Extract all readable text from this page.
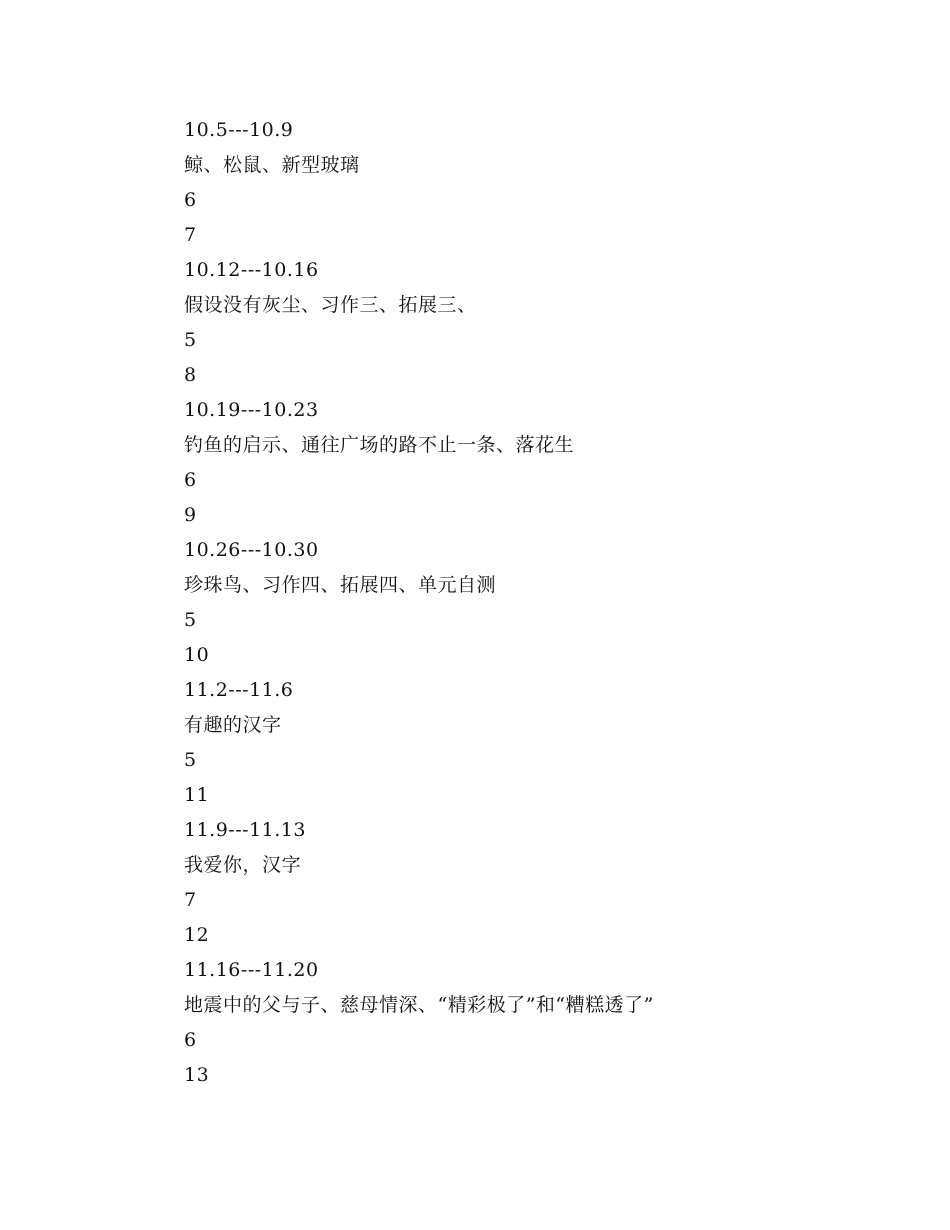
10.5---10.9
鲸、松鼠、新型玻璃
6
7
10.12---10.16
假设没有灰尘、习作三、拓展三、
5
8
10.19---10.23
钓鱼的启示、通往广场的路不止一条、落花生
6
9
10.26---10.30
珍珠鸟、习作四、拓展四、单元自测
5
10
11.2---11.6
有趣的汉字
5
11
11.9---11.13
我爱你，汉字
7
12
11.16---11.20
地震中的父与子、慈母情深、“精彩极了”和“糟糕透了”
6
13
